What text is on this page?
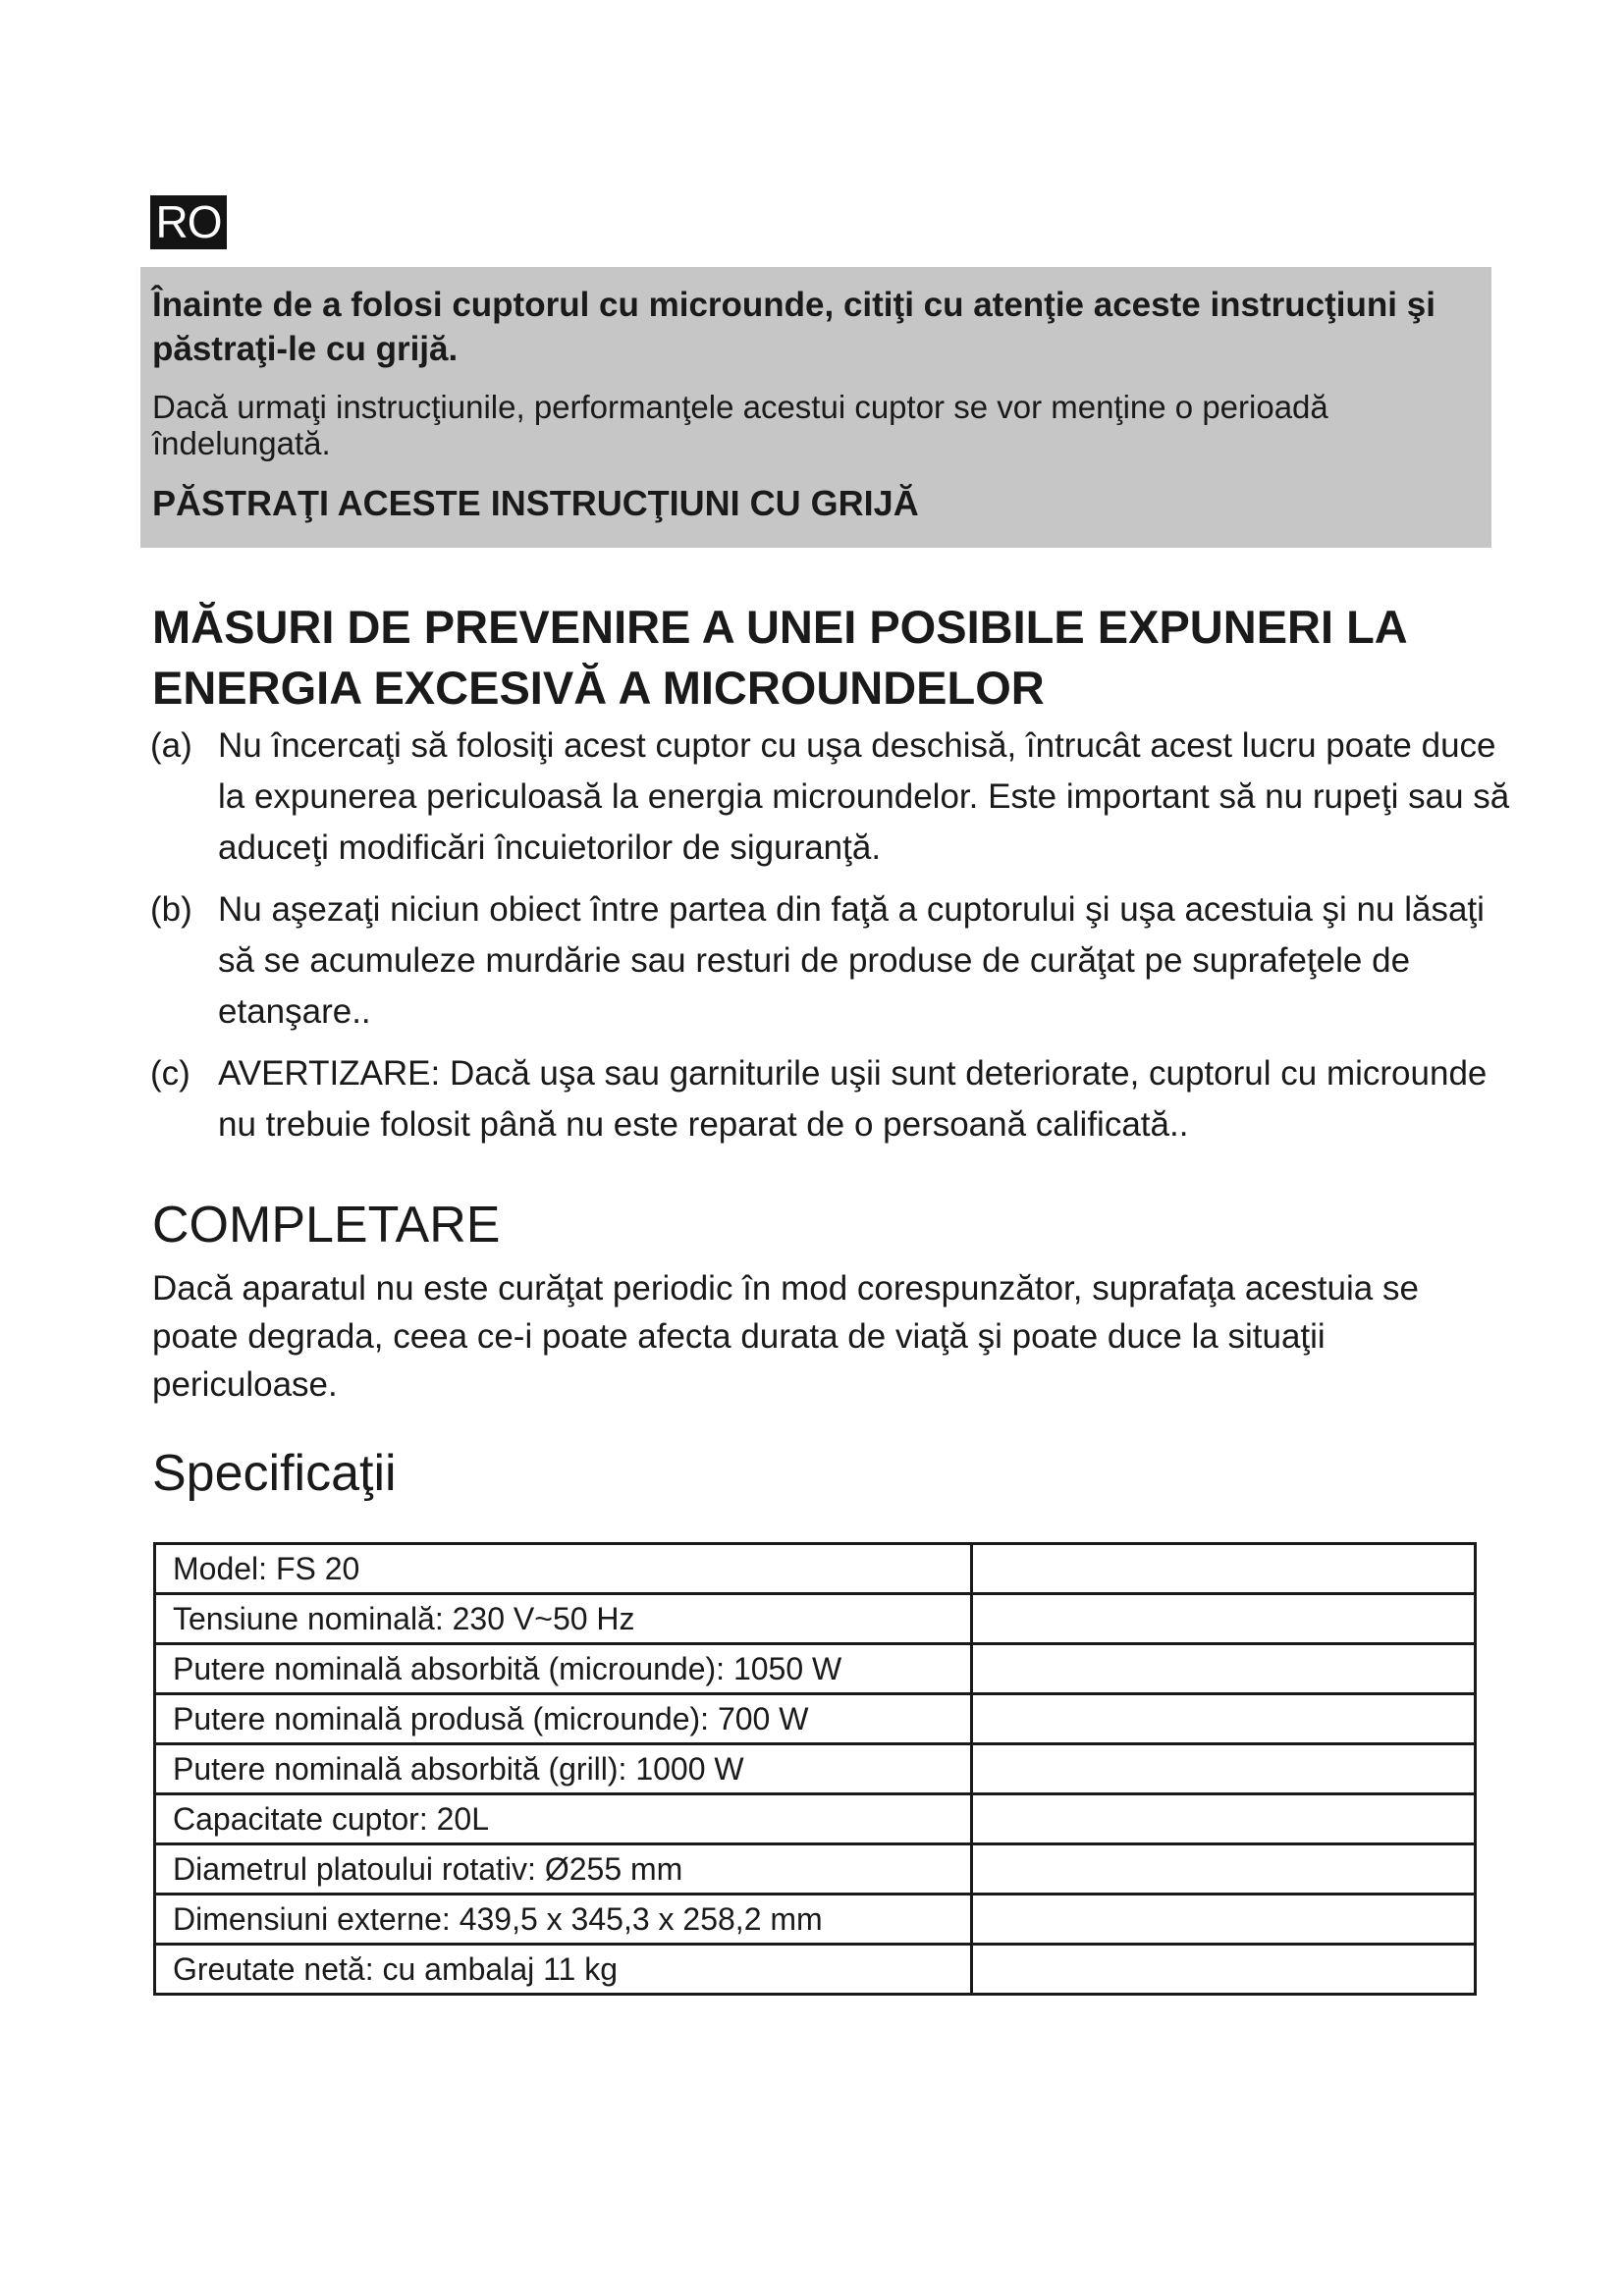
RO

Înainte de a folosi cuptorul cu microunde, citiţi cu atenţie aceste instrucţiuni şi păstraţi-le cu grijă.

Dacă urmaţi instrucţiunile, performanţele acestui cuptor se vor menţine o perioadă îndelungată.

PĂSTRAŢI ACESTE INSTRUCŢIUNI CU GRIJĂ

MĂSURI DE PREVENIRE A UNEI POSIBILE EXPUNERI LA ENERGIA EXCESIVĂ A MICROUNDELOR
(a) Nu încercaţi să folosiţi acest cuptor cu uşa deschisă, întrucât acest lucru poate duce la expunerea periculoasă la energia microundelor. Este important să nu rupeţi sau să aduceţi modificări încuietorilor de siguranţă.
(b) Nu aşezaţi niciun obiect între partea din faţă a cuptorului şi uşa acestuia şi nu lăsaţi să se acumuleze murdărie sau resturi de produse de curăţat pe suprafeţele de etanşare..
(c) AVERTIZARE: Dacă uşa sau garniturile uşii sunt deteriorate, cuptorul cu microunde nu trebuie folosit până nu este reparat de o persoană calificată..
COMPLETARE

Dacă aparatul nu este curăţat periodic în mod corespunzător, suprafaţa acestuia se poate degrada, ceea ce-i poate afecta durata de viaţă şi poate duce la situaţii periculoase.

Specificaţii
Model: FS 20	
Tensiune nominală: 230 V~50 Hz	
Putere nominală absorbită (microunde): 1050 W	
Putere nominală produsă (microunde): 700 W	
Putere nominală absorbită (grill): 1000 W	
Capacitate cuptor: 20L	
Diametrul platoului rotativ: Ø255 mm	
Dimensiuni externe: 439,5 x 345,3 x 258,2 mm	
Greutate netă: cu ambalaj 11 kg	
